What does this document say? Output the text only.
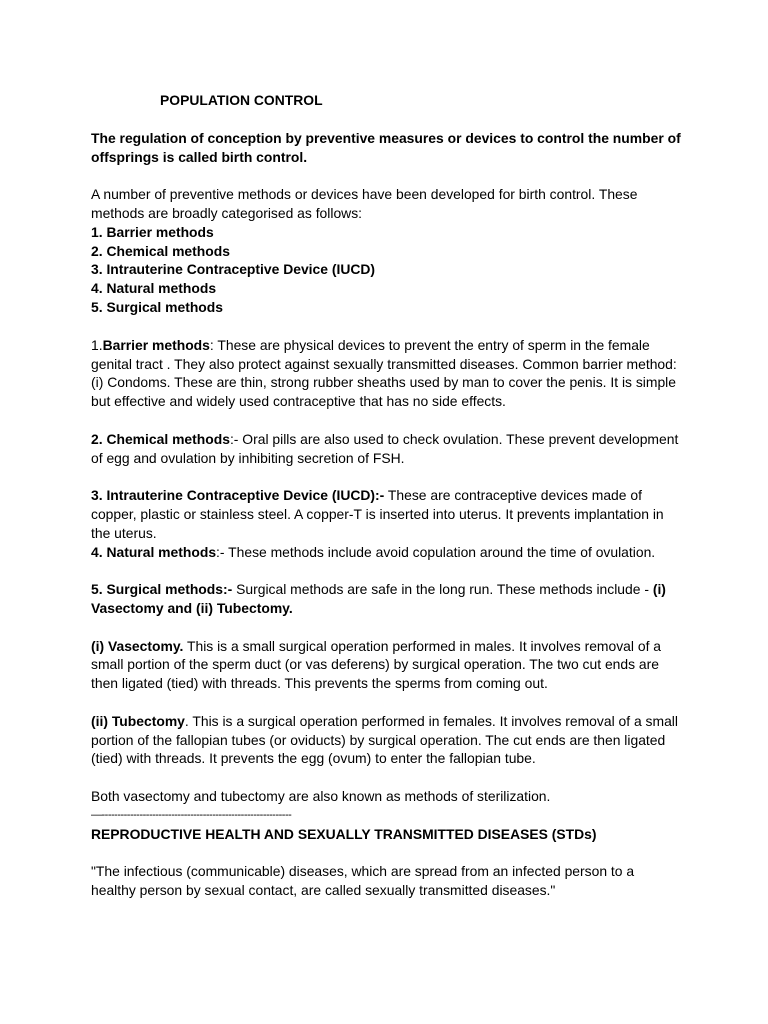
POPULATION CONTROL
The regulation of conception by preventive measures or devices to control the number of
offsprings is called birth control.
A number of preventive methods or devices have been developed for birth control. These
methods are broadly categorised as follows:
1. Barrier methods
2. Chemical methods
3. Intrauterine Contraceptive Device (IUCD)
4. Natural methods
5. Surgical methods
1.Barrier methods: These are physical devices to prevent the entry of sperm in the female
genital tract . They also protect against sexually transmitted diseases. Common barrier method:
(i) Condoms. These are thin, strong rubber sheaths used by man to cover the penis. It is simple
but effective and widely used contraceptive that has no side effects.
2. Chemical methods:- Oral pills are also used to check ovulation. These prevent development
of egg and ovulation by inhibiting secretion of FSH.
3. Intrauterine Contraceptive Device (IUCD):- These are contraceptive devices made of
copper, plastic or stainless steel. A copper-T is inserted into uterus. It prevents implantation in
the uterus.
4. Natural methods:- These methods include avoid copulation around the time of ovulation.
5. Surgical methods:- Surgical methods are safe in the long run. These methods include - (i)
Vasectomy and (ii) Tubectomy.
(i) Vasectomy. This is a small surgical operation performed in males. It involves removal of a
small portion of the sperm duct (or vas deferens) by surgical operation. The two cut ends are
then ligated (tied) with threads. This prevents the sperms from coming out.
(ii) Tubectomy. This is a surgical operation performed in females. It involves removal of a small
portion of the fallopian tubes (or oviducts) by surgical operation. The cut ends are then ligated
(tied) with threads. It prevents the egg (ovum) to enter the fallopian tube.
Both vasectomy and tubectomy are also known as methods of sterilization.
—------------------------------------------------------------
REPRODUCTIVE HEALTH AND SEXUALLY TRANSMITTED DISEASES (STDs)
"The infectious (communicable) diseases, which are spread from an infected person to a
healthy person by sexual contact, are called sexually transmitted diseases."
